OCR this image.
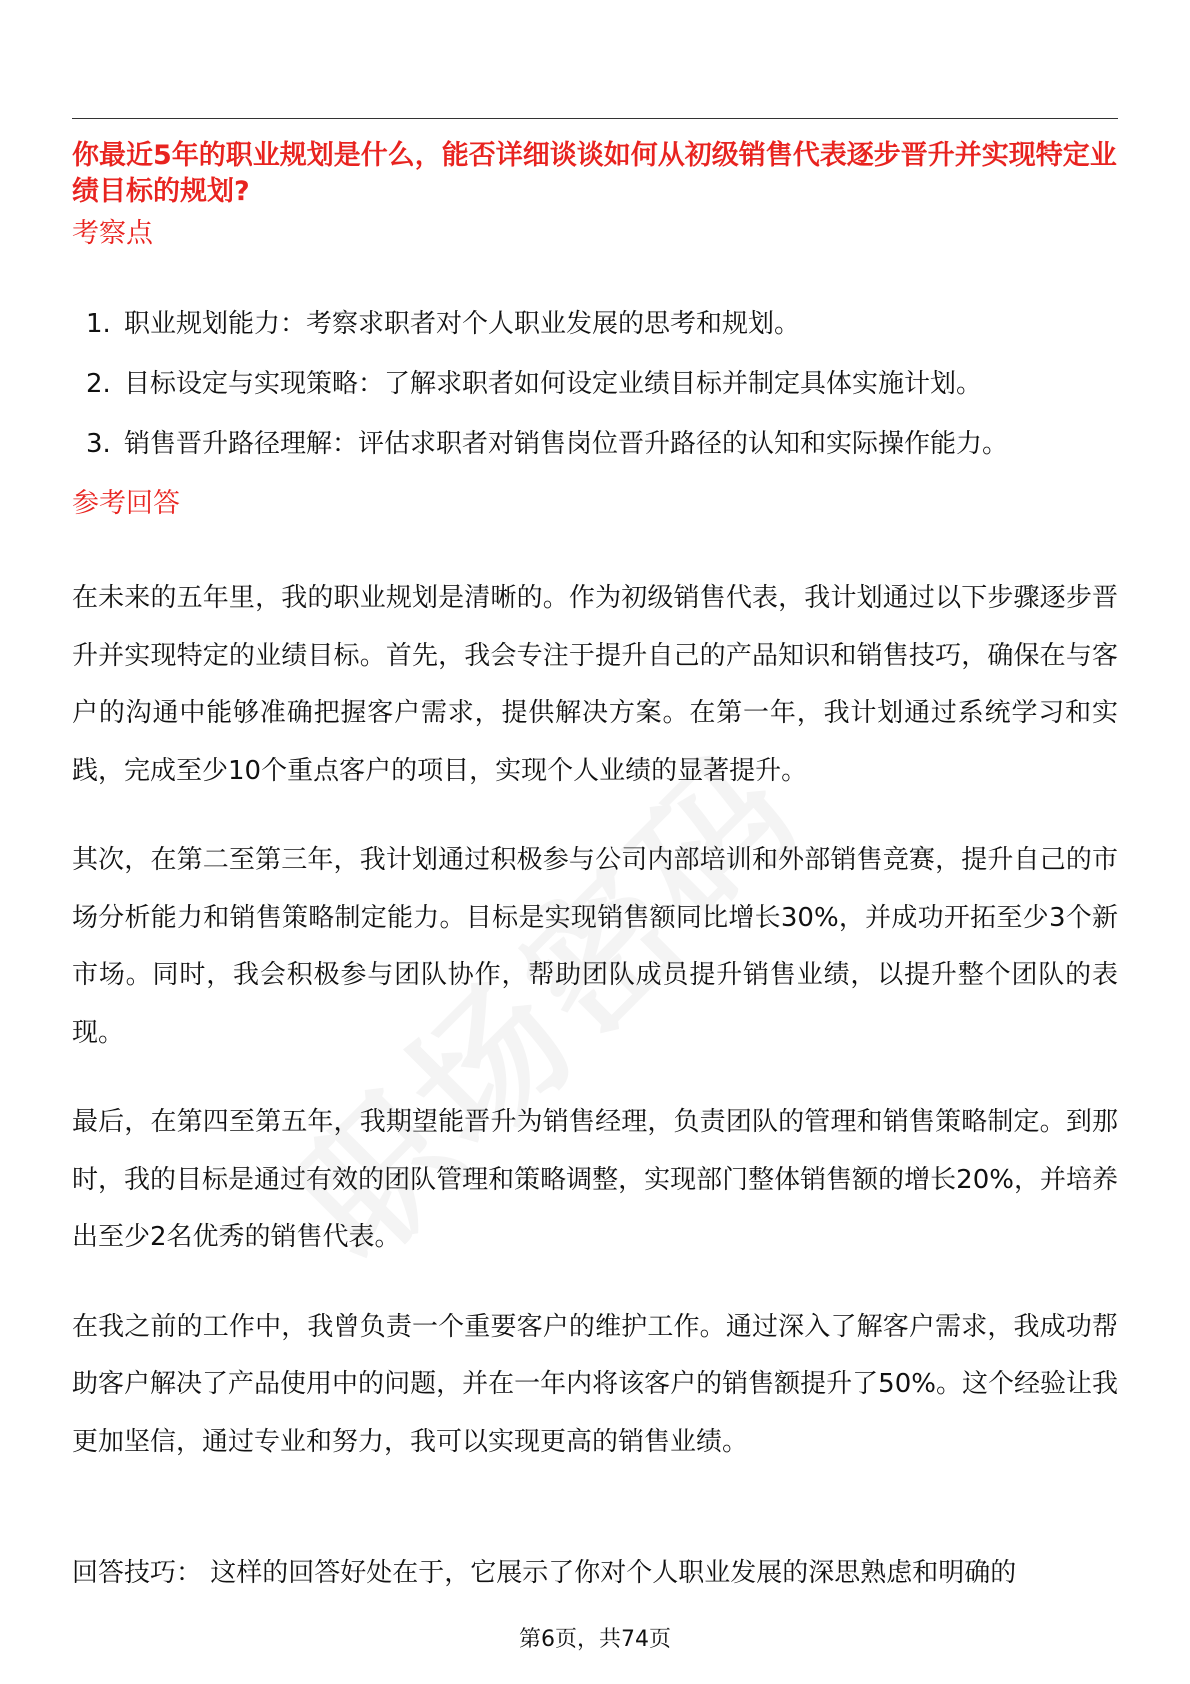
你最近5年的职业规划是什么，能否详细谈谈如何从初级销售代表逐步晋升并实现特定业绩目标的规划?
考察点
1. 职业规划能力：考察求职者对个人职业发展的思考和规划。
2. 目标设定与实现策略：了解求职者如何设定业绩目标并制定具体实施计划。
3. 销售晋升路径理解：评估求职者对销售岗位晋升路径的认知和实际操作能力。
参考回答

在未来的五年里，我的职业规划是清晰的。作为初级销售代表，我计划通过以下步骤逐步晋升并实现特定的业绩目标。首先，我会专注于提升自己的产品知识和销售技巧，确保在与客户的沟通中能够准确把握客户需求，提供解决方案。在第一年，我计划通过系统学习和实践，完成至少10个重点客户的项目，实现个人业绩的显著提升。

其次，在第二至第三年，我计划通过积极参与公司内部培训和外部销售竞赛，提升自己的市场分析能力和销售策略制定能力。目标是实现销售额同比增长30%，并成功开拓至少3个新市场。同时，我会积极参与团队协作，帮助团队成员提升销售业绩，以提升整个团队的表现。

最后，在第四至第五年，我期望能晋升为销售经理，负责团队的管理和销售策略制定。到那时，我的目标是通过有效的团队管理和策略调整，实现部门整体销售额的增长20%，并培养出至少2名优秀的销售代表。

在我之前的工作中，我曾负责一个重要客户的维护工作。通过深入了解客户需求，我成功帮助客户解决了产品使用中的问题，并在一年内将该客户的销售额提升了50%。这个经验让我更加坚信，通过专业和努力，我可以实现更高的销售业绩。

回答技巧： 这样的回答好处在于，它展示了你对个人职业发展的深思熟虑和明确的

第6页，共74页
